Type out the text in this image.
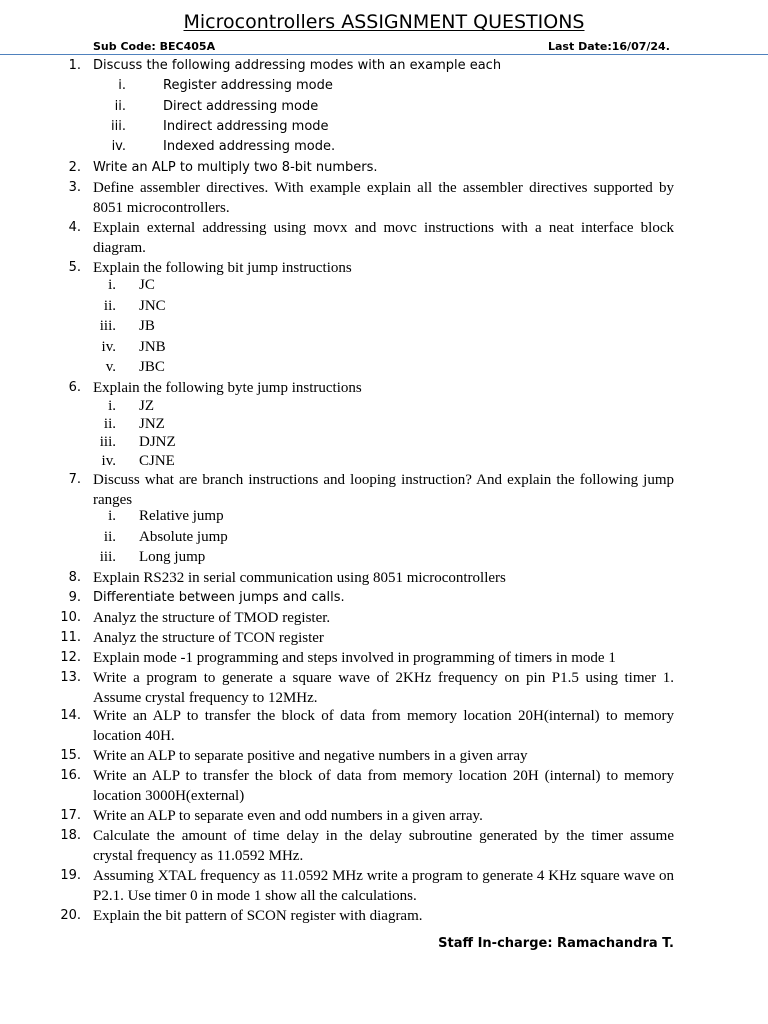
Microcontrollers ASSIGNMENT QUESTIONS
Sub Code: BEC405A	Last Date:16/07/24.
1. Discuss the following addressing modes with an example each
i.	Register addressing mode
ii.	Direct addressing mode
iii.	Indirect addressing mode
iv.	Indexed addressing mode.
2. Write an ALP to multiply two 8-bit numbers.
3. Define assembler directives. With example explain all the assembler directives supported by 8051 microcontrollers.
4. Explain external addressing using movx and movc instructions with a neat interface block diagram.
5. Explain the following bit jump instructions
i. JC
ii. JNC
iii. JB
iv. JNB
v. JBC
6. Explain the following byte jump instructions
i. JZ
ii. JNZ
iii. DJNZ
iv. CJNE
7. Discuss what are branch instructions and looping instruction? And explain the following jump ranges
i. Relative jump
ii. Absolute jump
iii. Long jump
8. Explain RS232 in serial communication using 8051 microcontrollers
9. Differentiate between jumps and calls.
10. Analyz the structure of TMOD register.
11. Analyz the structure of TCON register
12. Explain mode -1 programming and steps involved in programming of timers in mode 1
13. Write a program to generate a square wave of 2KHz frequency on pin P1.5 using timer 1. Assume crystal frequency to 12MHz.
14. Write an ALP to transfer the block of data from memory location 20H(internal) to memory location 40H.
15. Write an ALP to separate positive and negative numbers in a given array
16. Write an ALP to transfer the block of data from memory location 20H (internal) to memory location 3000H(external)
17. Write an ALP to separate even and odd numbers in a given array.
18. Calculate the amount of time delay in the delay subroutine generated by the timer assume crystal frequency as 11.0592 MHz.
19. Assuming XTAL frequency as 11.0592 MHz write a program to generate 4 KHz square wave on P2.1. Use timer 0 in mode 1 show all the calculations.
20. Explain the bit pattern of SCON register with diagram.
Staff In-charge: Ramachandra T.
